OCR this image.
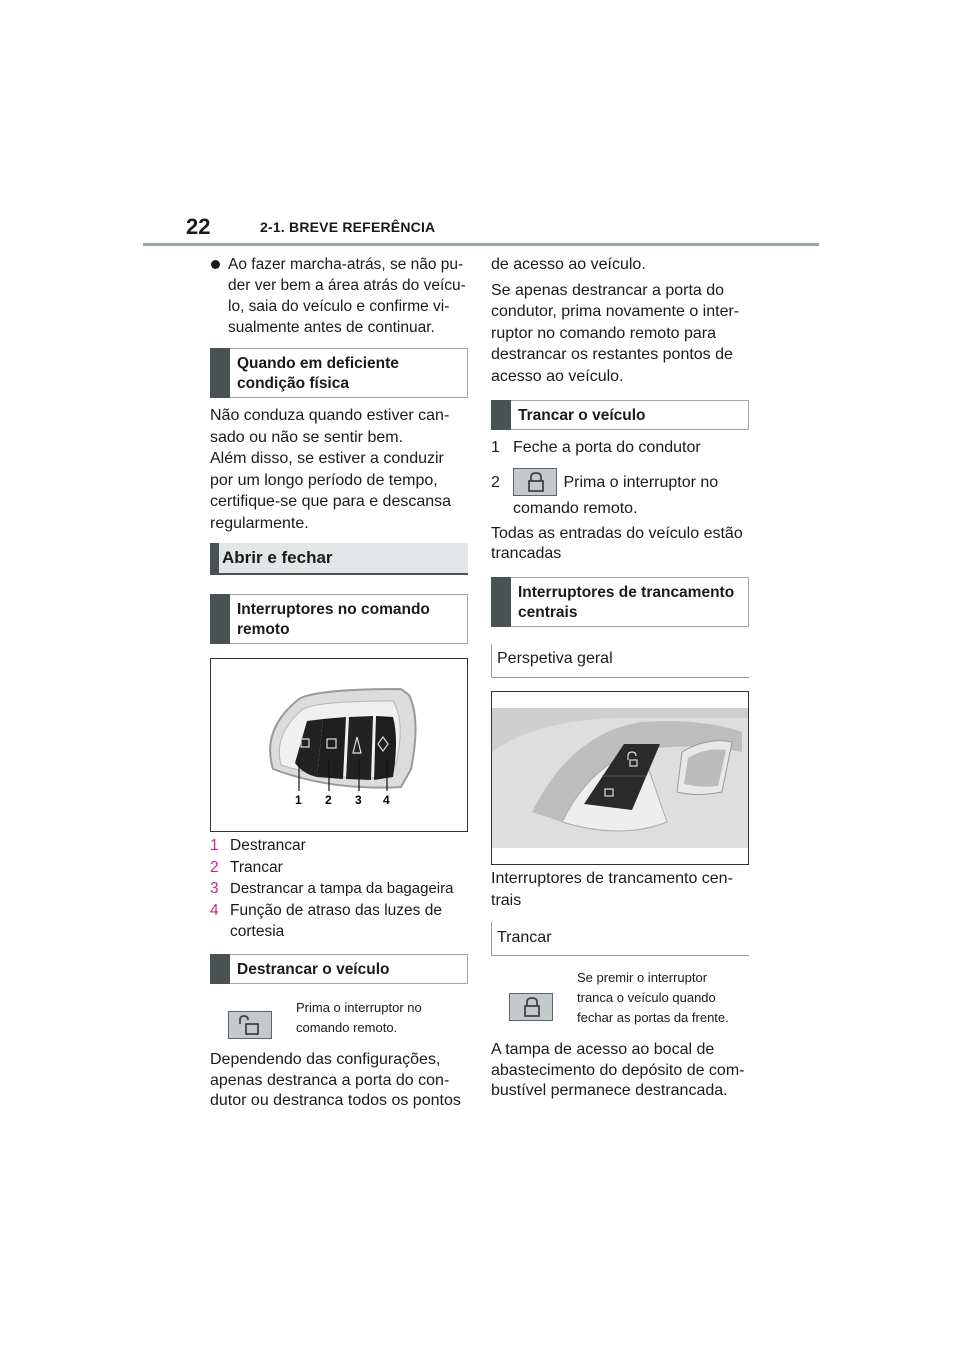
22	2-1. BREVE REFERÊNCIA
Ao fazer marcha-atrás, se não pu-
der ver bem a área atrás do veícu-
lo, saia do veículo e confirme vi-
sualmente antes de continuar.
Quando em deficiente
condição física
Não conduza quando estiver can-
sado ou não se sentir bem.
Além disso, se estiver a conduzir
por um longo período de tempo,
certifique-se que para e descansa
regularmente.
Abrir e fechar
Interruptores no comando
remoto
1 2 3 4
1 Destrancar
2 Trancar
3 Destrancar a tampa da bagageira
4 Função de atraso das luzes de
cortesia
Destrancar o veículo
Prima o interruptor no
comando remoto.
Dependendo das configurações,
apenas destranca a porta do con-
dutor ou destranca todos os pontos
de acesso ao veículo.
Se apenas destrancar a porta do
condutor, prima novamente o inter-
ruptor no comando remoto para
destrancar os restantes pontos de
acesso ao veículo.
Trancar o veículo
1 Feche a porta do condutor
2	Prima o interruptor no
comando remoto.
Todas as entradas do veículo estão
trancadas
Interruptores de trancamento
centrais
Perspetiva geral
Interruptores de trancamento cen-
trais
Trancar
Se premir o interruptor
tranca o veículo quando
fechar as portas da frente.
A tampa de acesso ao bocal de
abastecimento do depósito de com-
bustível permanece destrancada.
